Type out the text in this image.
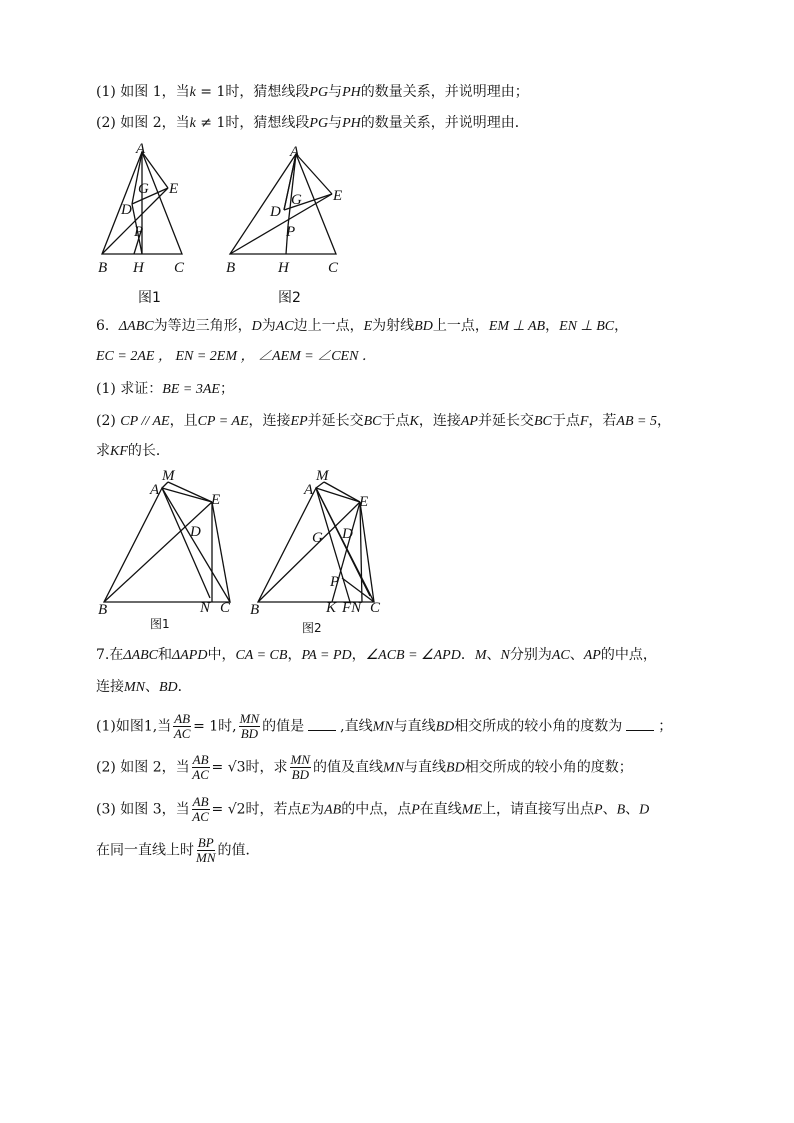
(1) 如图 1，当k = 1时，猜想线段PG与PH的数量关系，并说明理由；
(2) 如图 2，当k ≠ 1时，猜想线段PG与PH的数量关系，并说明理由．
A
G E
D
P
B H C
图1
A
G E
D
P
B	H	C
图2
6．ΔABC为等边三角形，D为AC边上一点，E为射线BD上一点，EM ⊥ AB，EN ⊥ BC，
EC = 2AE ， EN = 2EM ， ∠AEM = ∠CEN ．
(1) 求证：BE = 3AE；
(2) CP // AE，且CP = AE，连接EP并延长交BC于点K，连接AP并延长交BC于点F，若AB = 5，
求KF的长．
M
A
E
D
B	N C
图1
M
A
E
G D
P
B	K FN C
图2
7.在ΔABC和ΔAPD中，CA = CB，PA = PD，∠ACB = ∠APD．M、N分别为AC、AP的中点，
连接MN、BD．
(1)如图1,当 $\frac{AB}{AC} = 1$时, $\frac{MN}{BD}$ 的值是	,直线MN与直线BD相交所成的较小角的度数为	；
(2) 如图 2，当 $\frac{AB}{AC} = √3$时，求 $\frac{MN}{BD}$ 的值及直线MN与直线BD相交所成的较小角的度数；
(3) 如图 3，当 $\frac{AB}{AC} = √2$时，若点E为AB的中点，点P在直线ME上，请直接写出点P、B、D
在同一直线上时 $\frac{BP}{MN}$ 的值．
